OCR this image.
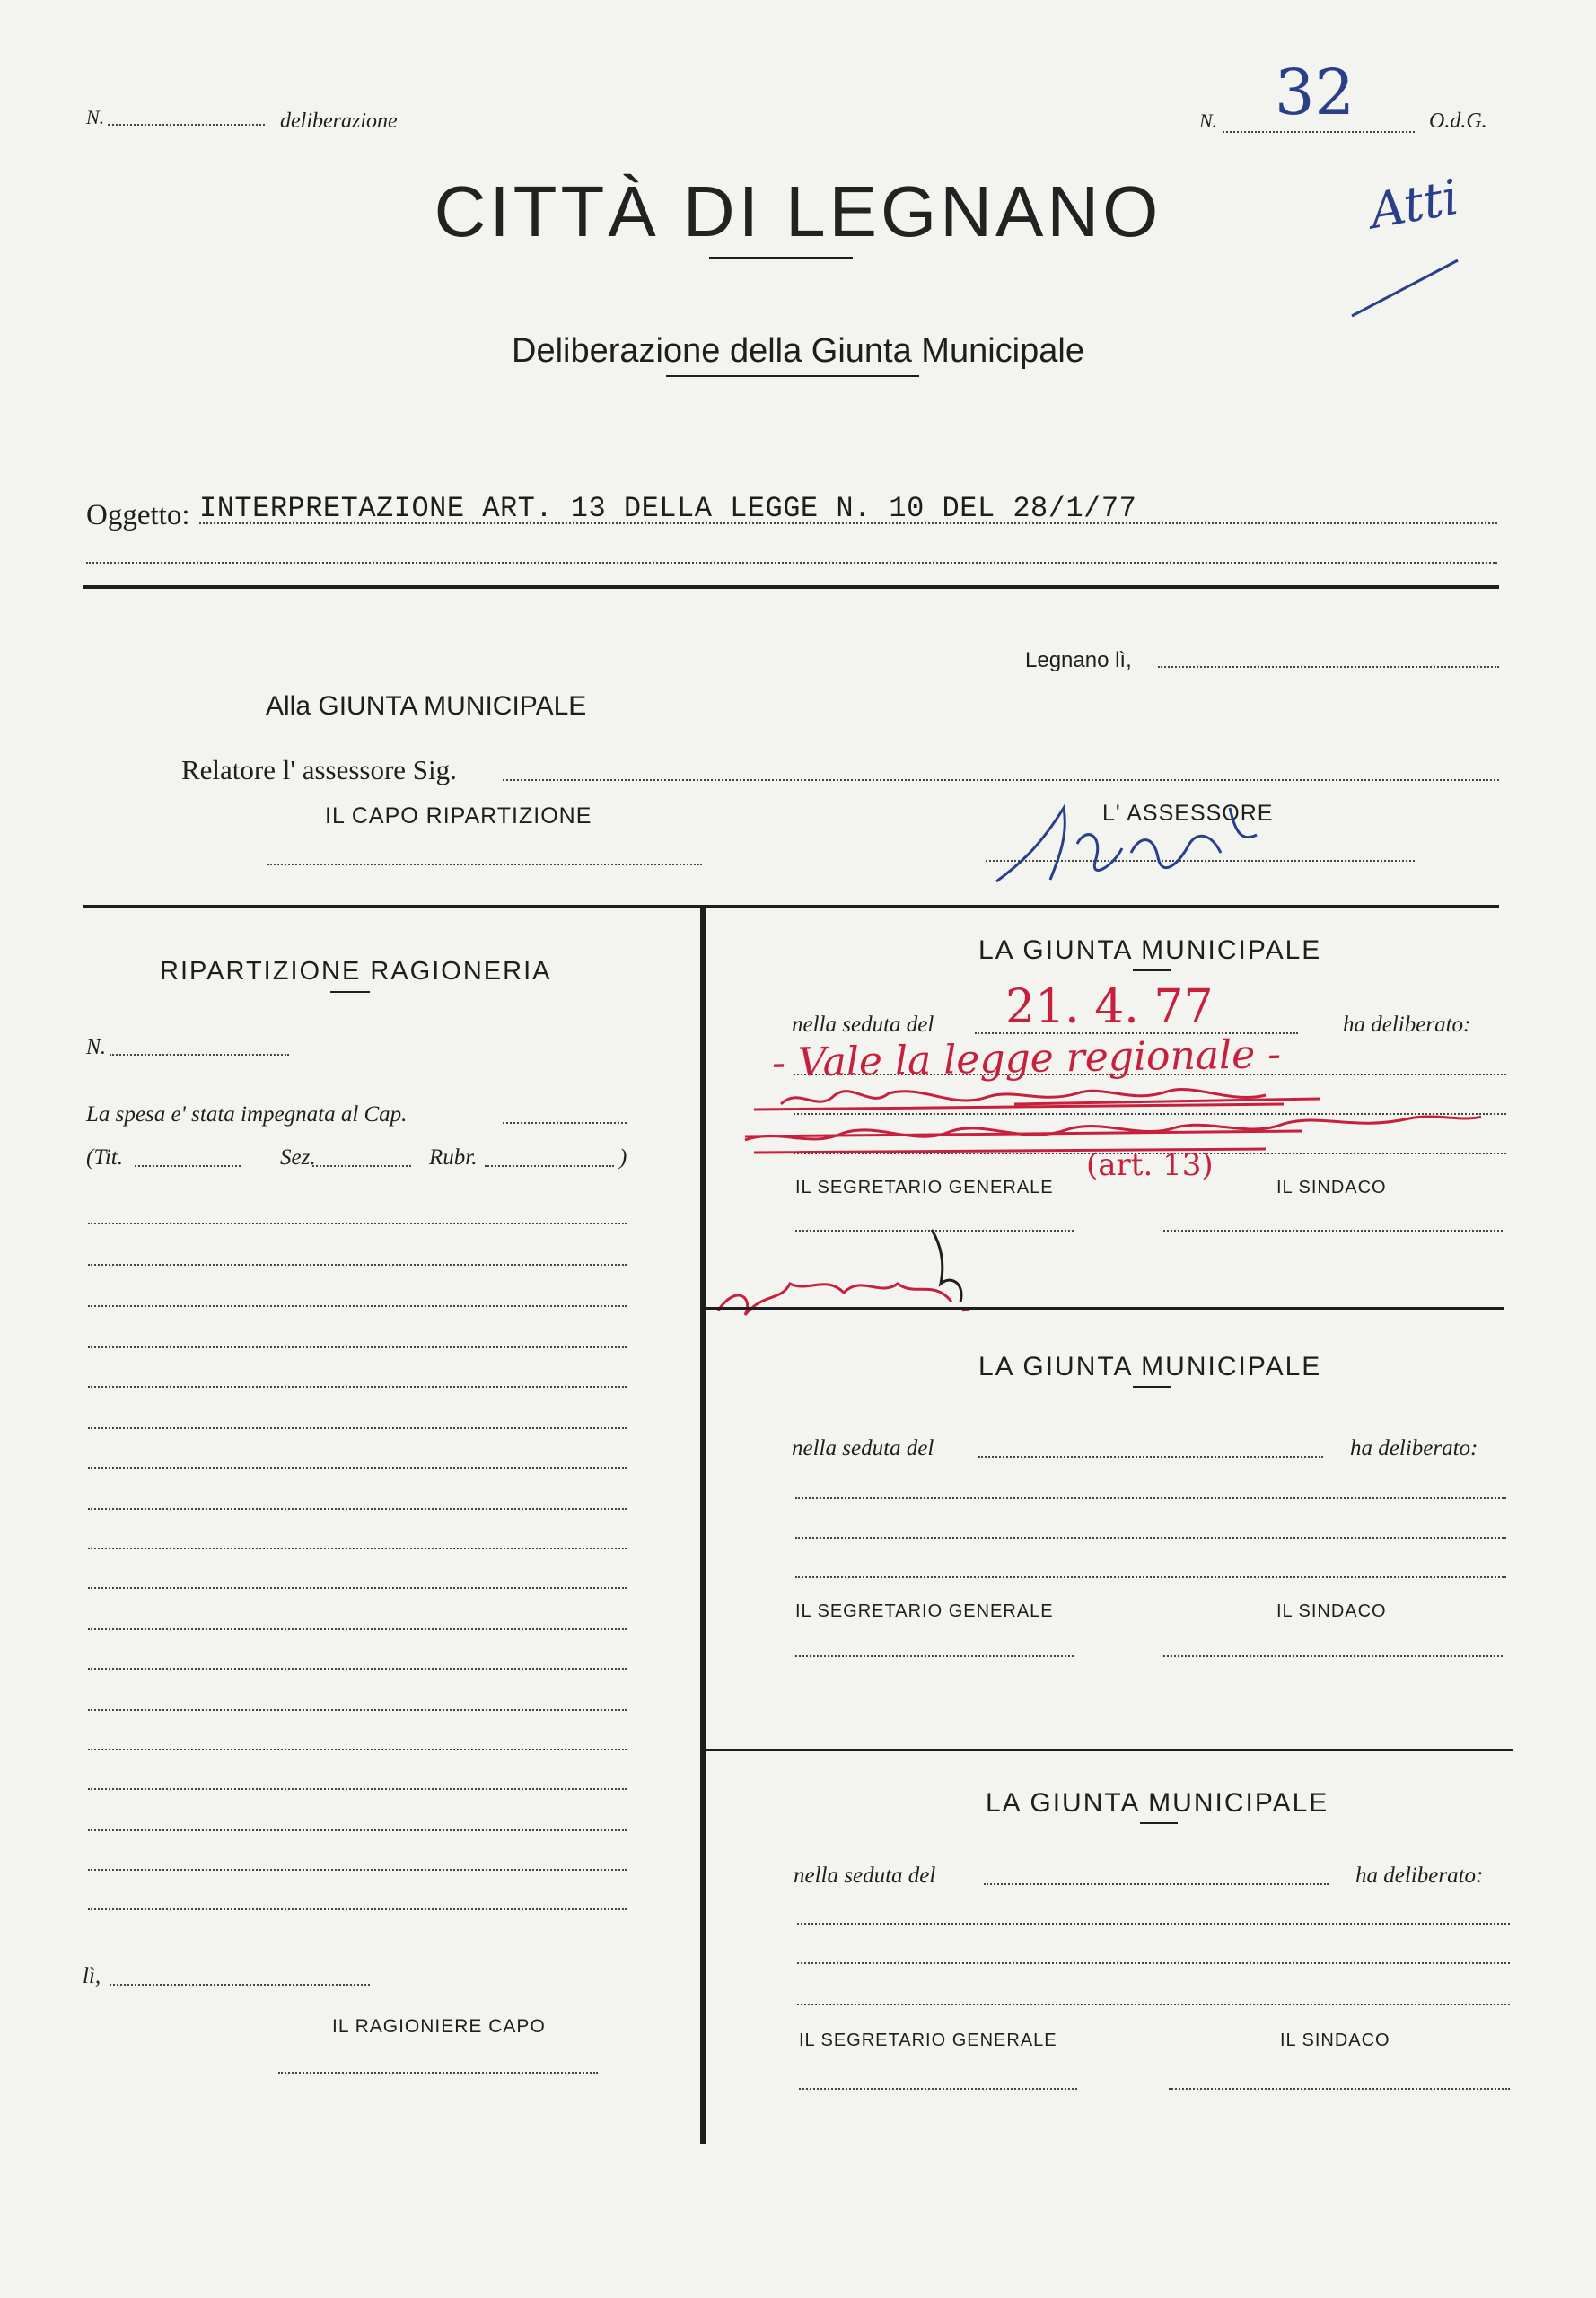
N.	deliberazione	N. 32	O.d.G.
Atti
CITTÀ DI LEGNANO
Deliberazione della Giunta Municipale
Oggetto: INTERPRETAZIONE ART. 13 DELLA LEGGE N. 10 DEL 28/1/77
Legnano lì,
Alla GIUNTA MUNICIPALE
Relatore l' assessore Sig.
IL CAPO RIPARTIZIONE	L' ASSESSORE
RIPARTIZIONE RAGIONERIA
N.
La spesa e' stata impegnata al Cap.
(Tit.	Sez.	Rubr.	)
lì,
IL RAGIONIERE CAPO
LA GIUNTA MUNICIPALE
nella seduta del 21. 4. 77	ha deliberato:
- Vale la legge regionale -
(art. 13)
IL SEGRETARIO GENERALE	IL SINDACO
LA GIUNTA MUNICIPALE
nella seduta del	ha deliberato:
IL SEGRETARIO GENERALE	IL SINDACO
LA GIUNTA MUNICIPALE
nella seduta del	ha deliberato:
IL SEGRETARIO GENERALE	IL SINDACO
